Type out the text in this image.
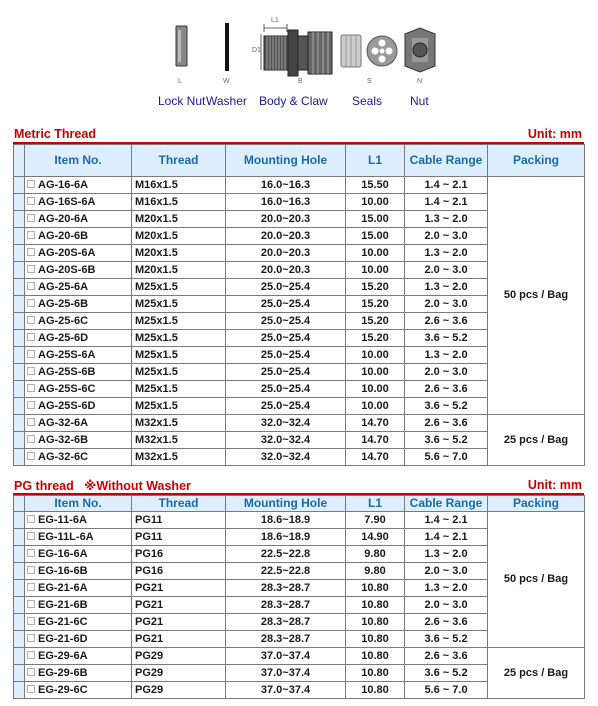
L	W
L1
D1
B	S	N
Lock Nut Washer Body & Claw Seals Nut
Metric Thread	Unit: mm
	Item No.	Thread	Mounting Hole	L1	Cable Range	Packing
	AG-16-6A	M16x1.5	16.0~16.3	15.50	1.4 ~ 2.1	50 pcs / Bag
	AG-16S-6A	M16x1.5	16.0~16.3	10.00	1.4 ~ 2.1	
	AG-20-6A	M20x1.5	20.0~20.3	15.00	1.3 ~ 2.0	
	AG-20-6B	M20x1.5	20.0~20.3	15.00	2.0 ~ 3.0	
	AG-20S-6A	M20x1.5	20.0~20.3	10.00	1.3 ~ 2.0	
	AG-20S-6B	M20x1.5	20.0~20.3	10.00	2.0 ~ 3.0	
	AG-25-6A	M25x1.5	25.0~25.4	15.20	1.3 ~ 2.0	
	AG-25-6B	M25x1.5	25.0~25.4	15.20	2.0 ~ 3.0	
	AG-25-6C	M25x1.5	25.0~25.4	15.20	2.6 ~ 3.6	
	AG-25-6D	M25x1.5	25.0~25.4	15.20	3.6 ~ 5.2	
	AG-25S-6A	M25x1.5	25.0~25.4	10.00	1.3 ~ 2.0	
	AG-25S-6B	M25x1.5	25.0~25.4	10.00	2.0 ~ 3.0	
	AG-25S-6C	M25x1.5	25.0~25.4	10.00	2.6 ~ 3.6	
	AG-25S-6D	M25x1.5	25.0~25.4	10.00	3.6 ~ 5.2	
	AG-32-6A	M32x1.5	32.0~32.4	14.70	2.6 ~ 3.6	25 pcs / Bag
	AG-32-6B	M32x1.5	32.0~32.4	14.70	3.6 ~ 5.2	
	AG-32-6C	M32x1.5	32.0~32.4	14.70	5.6 ~ 7.0	
PG thread ※Without Washer	Unit: mm
	Item No.	Thread	Mounting Hole	L1	Cable Range	Packing
	EG-11-6A	PG11	18.6~18.9	7.90	1.4 ~ 2.1	50 pcs / Bag
	EG-11L-6A	PG11	18.6~18.9	14.90	1.4 ~ 2.1	
	EG-16-6A	PG16	22.5~22.8	9.80	1.3 ~ 2.0	
	EG-16-6B	PG16	22.5~22.8	9.80	2.0 ~ 3.0	
	EG-21-6A	PG21	28.3~28.7	10.80	1.3 ~ 2.0	
	EG-21-6B	PG21	28.3~28.7	10.80	2.0 ~ 3.0	
	EG-21-6C	PG21	28.3~28.7	10.80	2.6 ~ 3.6	
	EG-21-6D	PG21	28.3~28.7	10.80	3.6 ~ 5.2	
	EG-29-6A	PG29	37.0~37.4	10.80	2.6 ~ 3.6	25 pcs / Bag
	EG-29-6B	PG29	37.0~37.4	10.80	3.6 ~ 5.2	
	EG-29-6C	PG29	37.0~37.4	10.80	5.6 ~ 7.0	
